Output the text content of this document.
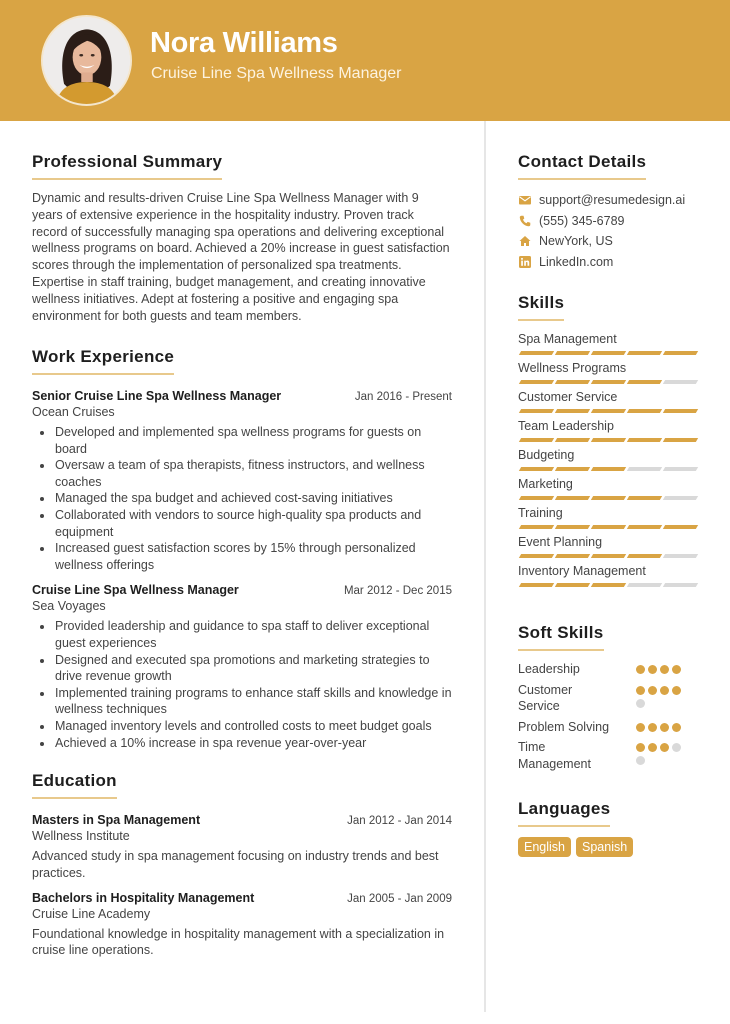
Nora Williams
Cruise Line Spa Wellness Manager
Professional Summary

Dynamic and results-driven Cruise Line Spa Wellness Manager with 9 years of extensive experience in the hospitality industry. Proven track record of successfully managing spa operations and delivering exceptional wellness programs on board. Achieved a 20% increase in guest satisfaction scores through the implementation of personalized spa treatments. Expertise in staff training, budget management, and creating innovative wellness initiatives. Adept at fostering a positive and engaging spa environment for both guests and team members.

Work Experience
Senior Cruise Line Spa Wellness Manager	Jan 2016 - Present
Ocean Cruises
Developed and implemented spa wellness programs for guests on board
Oversaw a team of spa therapists, fitness instructors, and wellness coaches
Managed the spa budget and achieved cost-saving initiatives
Collaborated with vendors to source high-quality spa products and equipment
Increased guest satisfaction scores by 15% through personalized wellness offerings
Cruise Line Spa Wellness Manager	Mar 2012 - Dec 2015
Sea Voyages
Provided leadership and guidance to spa staff to deliver exceptional guest experiences
Designed and executed spa promotions and marketing strategies to drive revenue growth
Implemented training programs to enhance staff skills and knowledge in wellness techniques
Managed inventory levels and controlled costs to meet budget goals
Achieved a 10% increase in spa revenue year-over-year
Education
Masters in Spa Management	Jan 2012 - Jan 2014
Wellness Institute

Advanced study in spa management focusing on industry trends and best practices.

Bachelors in Hospitality Management	Jan 2005 - Jan 2009
Cruise Line Academy

Foundational knowledge in hospitality management with a specialization in cruise line operations.

Contact Details
support@resumedesign.ai
(555) 345-6789
NewYork, US
LinkedIn.com
Skills
Spa Management
Wellness Programs
Customer Service
Team Leadership
Budgeting
Marketing
Training
Event Planning
Inventory Management
Soft Skills
Leadership
Customer Service
Problem Solving
Time Management
Languages
English	Spanish
